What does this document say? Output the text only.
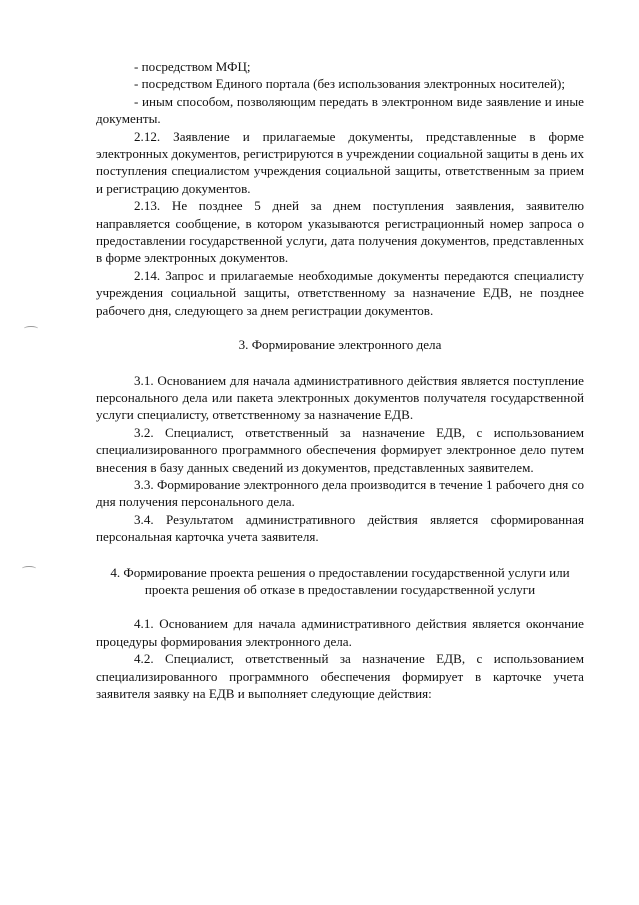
- посредством МФЦ;

- посредством Единого портала (без использования электронных носителей);

- иным способом, позволяющим передать в электронном виде заявление и иные документы.

2.12. Заявление и прилагаемые документы, представленные в форме электронных документов, регистрируются в учреждении социальной защиты в день их поступления специалистом учреждения социальной защиты, ответственным за прием и регистрацию документов.

2.13. Не позднее 5 дней за днем поступления заявления, заявителю направляется сообщение, в котором указываются регистрационный номер запроса о предоставлении государственной услуги, дата получения документов, представленных в форме электронных документов.

2.14. Запрос и прилагаемые необходимые документы передаются специалисту учреждения социальной защиты, ответственному за назначение ЕДВ, не позднее рабочего дня, следующего за днем регистрации документов.

3. Формирование электронного дела

3.1. Основанием для начала административного действия является поступление персонального дела или пакета электронных документов получателя государственной услуги специалисту, ответственному за назначение ЕДВ.

3.2. Специалист, ответственный за назначение ЕДВ, с использованием специализированного программного обеспечения формирует электронное дело путем внесения в базу данных сведений из документов, представленных заявителем.

3.3. Формирование электронного дела производится в течение 1 рабочего дня со дня получения персонального дела.

3.4. Результатом административного действия является сформированная персональная карточка учета заявителя.

4. Формирование проекта решения о предоставлении государственной услуги или проекта решения об отказе в предоставлении государственной услуги

4.1. Основанием для начала административного действия является окончание процедуры формирования электронного дела.

4.2. Специалист, ответственный за назначение ЕДВ, с использованием специализированного программного обеспечения формирует в карточке учета заявителя заявку на ЕДВ и выполняет следующие действия:
